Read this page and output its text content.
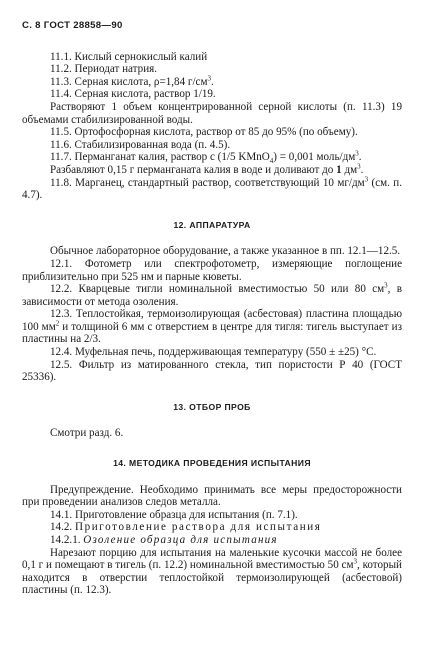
С. 8 ГОСТ 28858—90

11.1. Кислый сернокислый калий

11.2. Периодат натрия.

11.3. Серная кислота, ρ=1,84 $г/см^3$.

11.4. Серная кислота, раствор 1/19.

Растворяют 1 объем концентрированной серной кислоты (п. 11.3) 19 объемами стабилизированной воды.

11.5. Ортофосфорная кислота, раствор от 85 до 95% (по объему).

11.6. Стабилизированная вода (п. 4.5).

11.7. Перманганат калия, раствор с (1/5 KMnO$_4$) = 0,001 моль/$дм^3$.

Разбавляют 0,15 г перманганата калия в воде и доливают до 1 $дм^3$.

11.8. Марганец, стандартный раствор, соответствующий 10 $мг/дм^3$ (см. п. 4.7).

12. АППАРАТУРА

Обычное лабораторное оборудование, а также указанное в пп. 12.1—12.5.

12.1. Фотометр или спектрофотометр, измеряющие поглощение приблизительно при 525 нм и парные кюветы.

12.2. Кварцевые тигли номинальной вместимостью 50 или 80 $см^3$, в зависимости от метода озоления.

12.3. Теплостойкая, термоизолирующая (асбестовая) пластина площадью 100 $мм^2$ и толщиной 6 мм с отверстием в центре для тигля: тигель выступает из пластины на 2/3.

12.4. Муфельная печь, поддерживающая температуру (550 ± ±25) °С.

12.5. Фильтр из матированного стекла, тип пористости Р 40 (ГОСТ 25336).

13. ОТБОР ПРОБ

Смотри разд. 6.

14. МЕТОДИКА ПРОВЕДЕНИЯ ИСПЫТАНИЯ

Предупреждение. Необходимо принимать все меры предосторожности при проведении анализов следов металла.

14.1. Приготовление образца для испытания (п. 7.1).

14.2. Приготовление раствора для испытания

14.2.1. Озоление образца для испытания

Нарезают порцию для испытания на маленькие кусочки массой не более 0,1 г и помещают в тигель (п. 12.2) номинальной вместимостью 50 $см^3$, который находится в отверстии теплостойкой термоизолирующей (асбестовой) пластины (п. 12.3).
